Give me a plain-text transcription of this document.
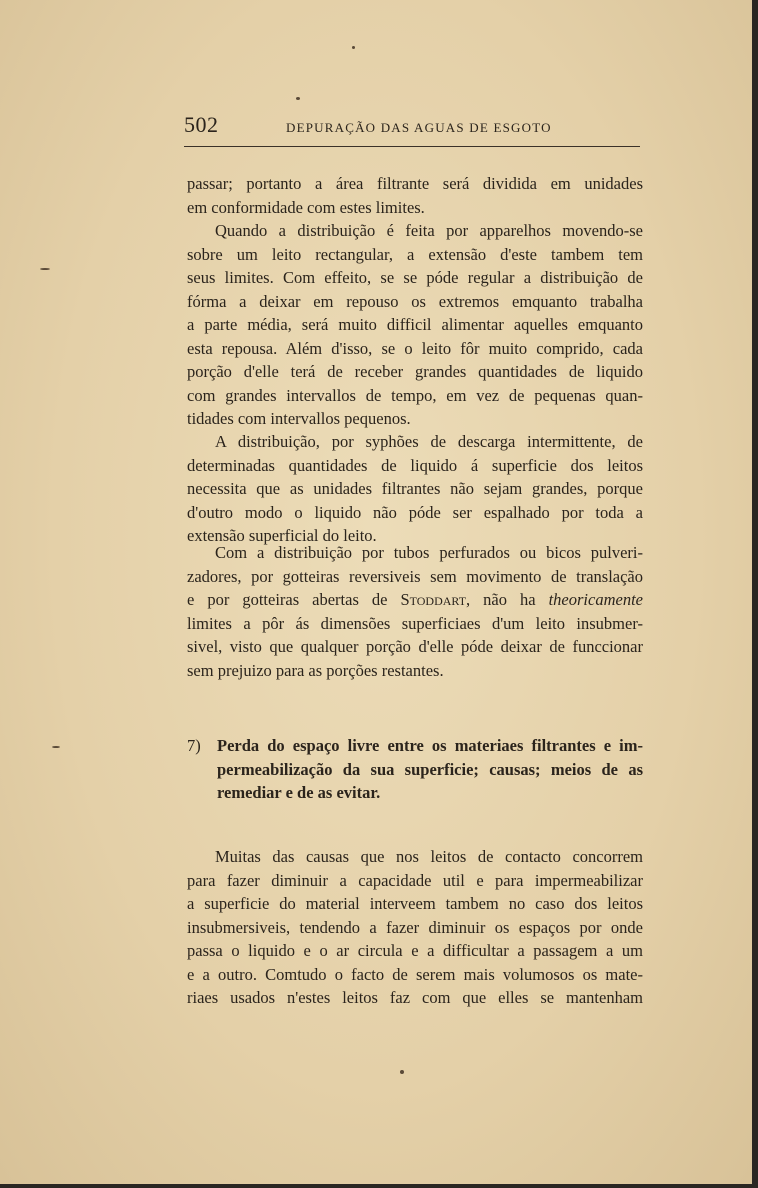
502	DEPURAÇÃO DAS AGUAS DE ESGOTO
passar; portanto a área filtrante será dividida em unidades
em conformidade com estes limites.
Quando a distribuição é feita por apparelhos movendo-se
sobre um leito rectangular, a extensão d'este tambem tem
seus limites. Com effeito, se se póde regular a distribuição de
fórma a deixar em repouso os extremos emquanto trabalha
a parte média, será muito difficil alimentar aquelles emquanto
esta repousa. Além d'isso, se o leito fôr muito comprido, cada
porção d'elle terá de receber grandes quantidades de liquido
com grandes intervallos de tempo, em vez de pequenas quan-
tidades com intervallos pequenos.
A distribuição, por syphões de descarga intermittente, de
determinadas quantidades de liquido á superficie dos leitos
necessita que as unidades filtrantes não sejam grandes, porque
d'outro modo o liquido não póde ser espalhado por toda a
extensão superficial do leito.
Com a distribuição por tubos perfurados ou bicos pulveri-
zadores, por gotteiras reversiveis sem movimento de translação
e por gotteiras abertas de Stoddart, não ha theoricamente
limites a pôr ás dimensões superficiaes d'um leito insubmer-
sivel, visto que qualquer porção d'elle póde deixar de funccionar
sem prejuizo para as porções restantes.
7) Perda do espaço livre entre os materiaes filtrantes e im-
permeabilização da sua superficie; causas; meios de as
remediar e de as evitar.
Muitas das causas que nos leitos de contacto concorrem
para fazer diminuir a capacidade util e para impermeabilizar
a superficie do material interveem tambem no caso dos leitos
insubmersiveis, tendendo a fazer diminuir os espaços por onde
passa o liquido e o ar circula e a difficultar a passagem a um
e a outro. Comtudo o facto de serem mais volumosos os mate-
riaes usados n'estes leitos faz com que elles se mantenham
